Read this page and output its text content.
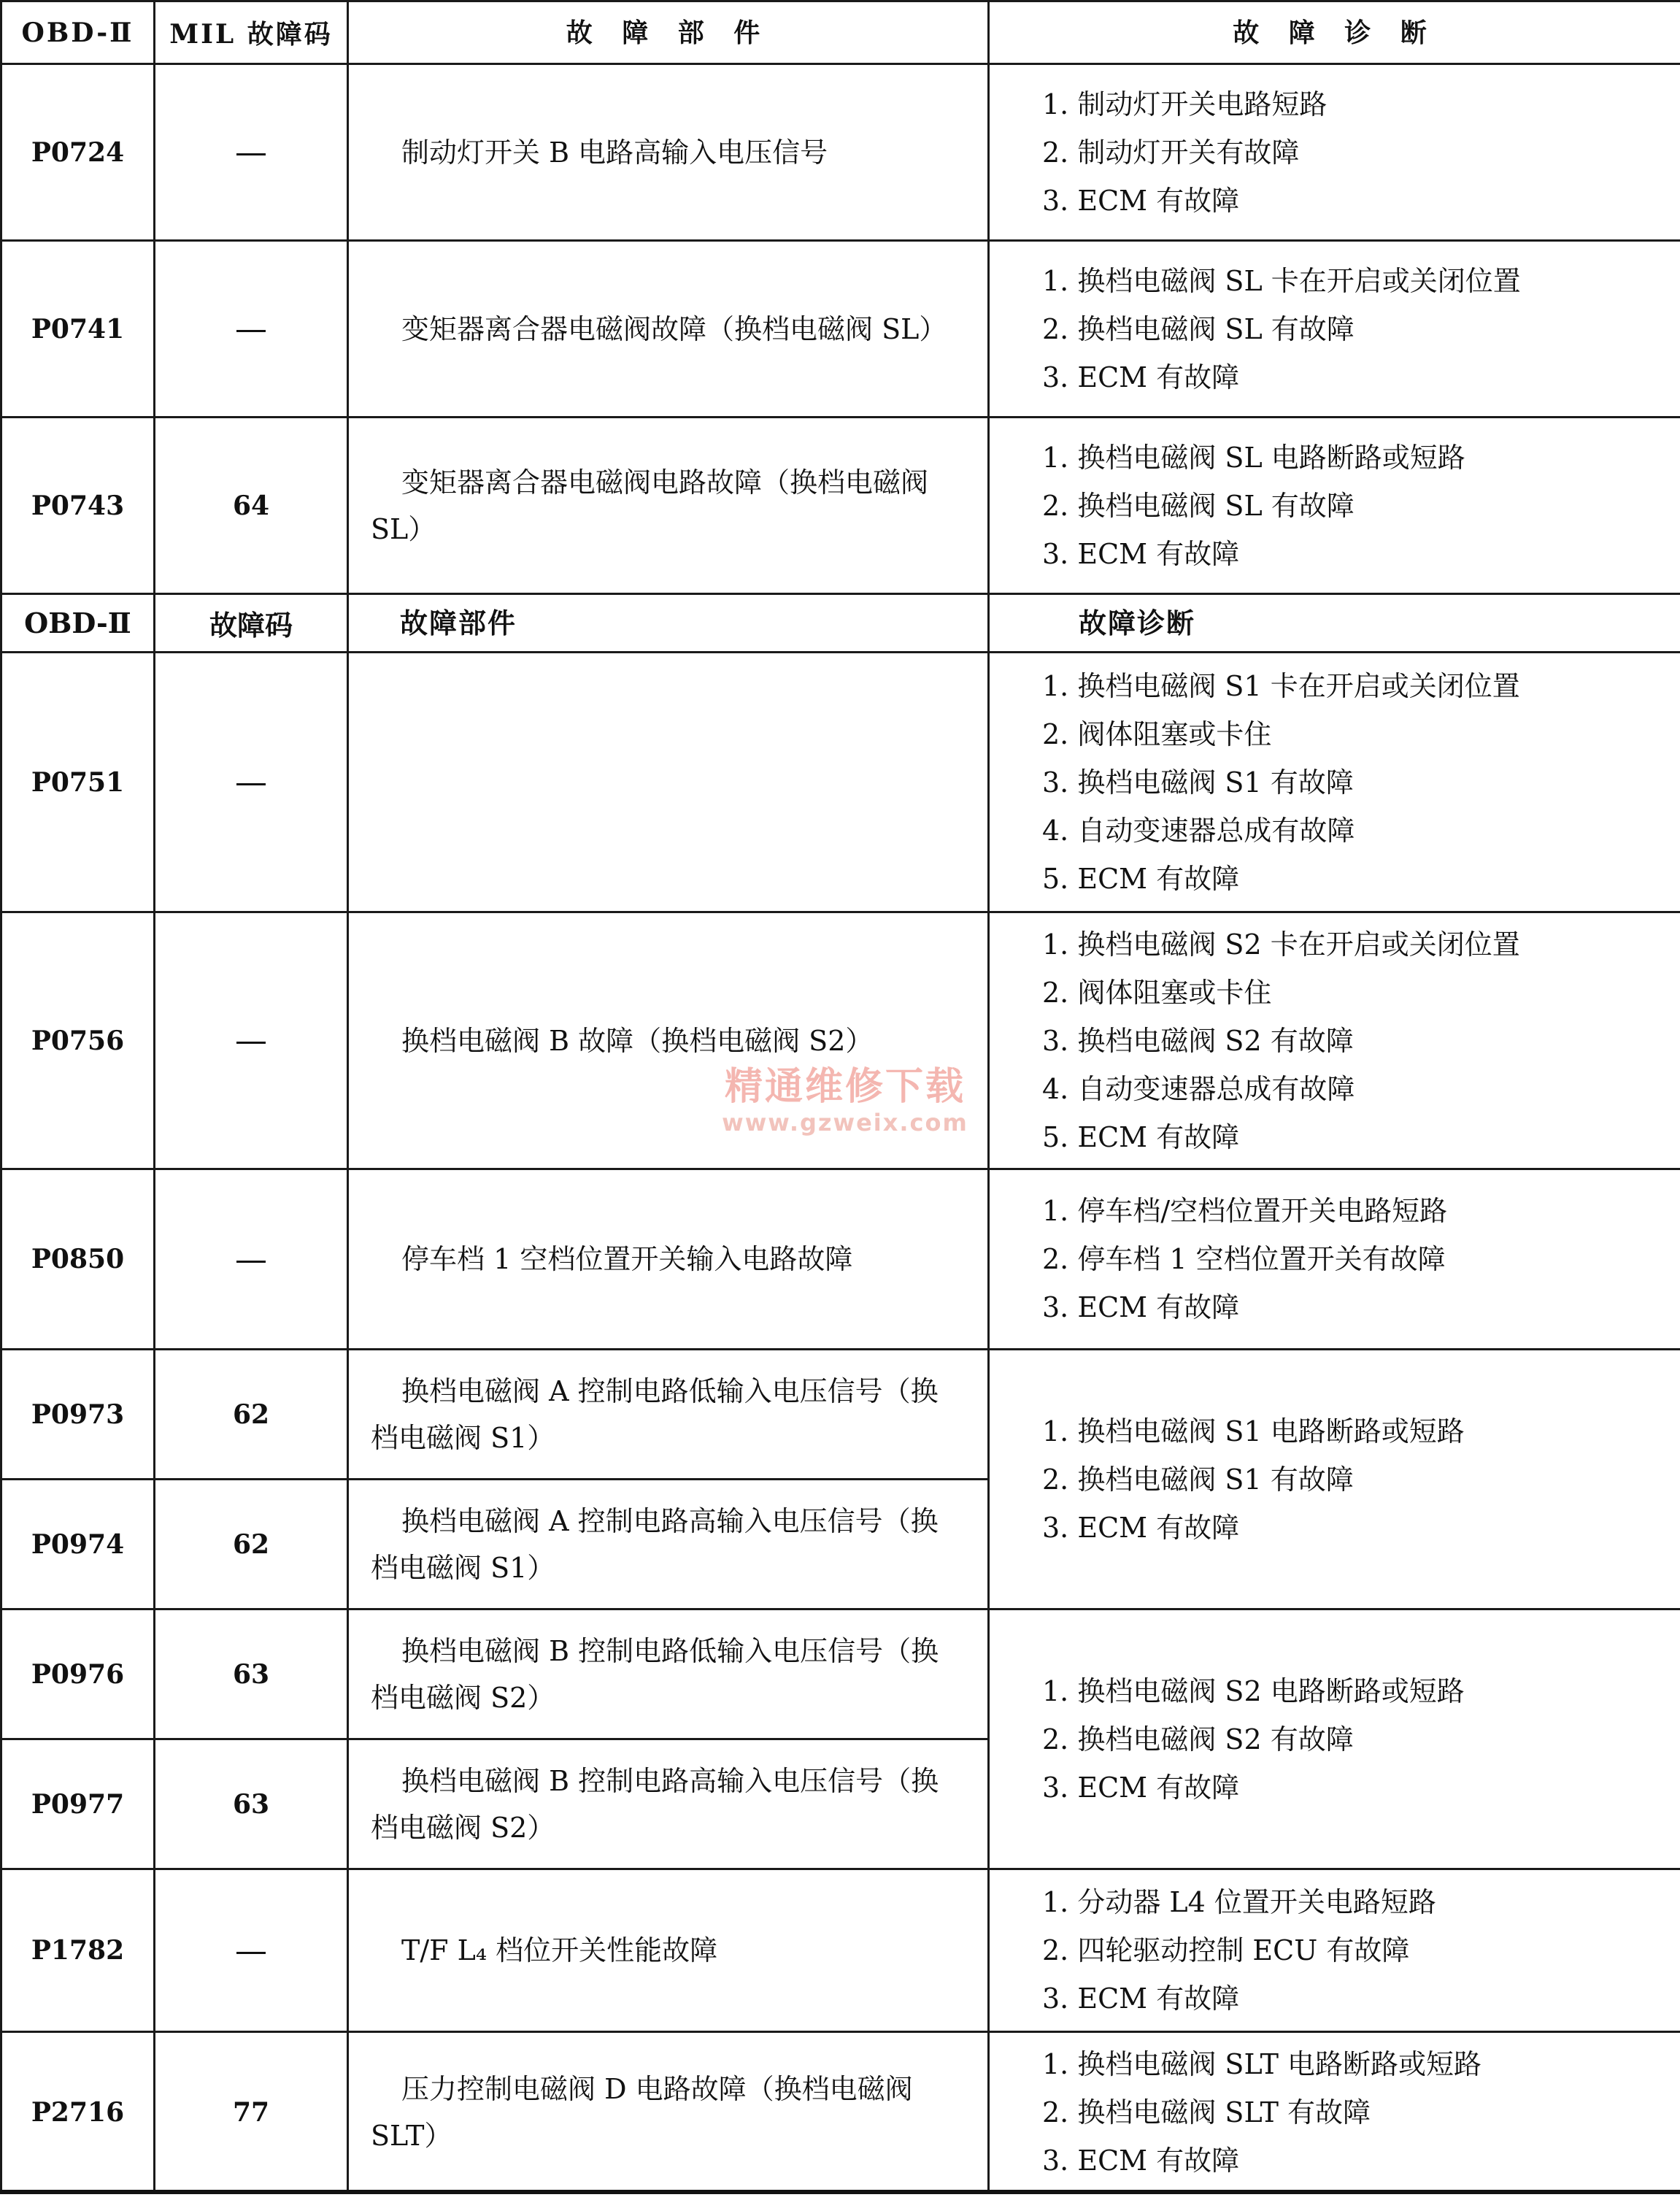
OBD-Ⅱ	MIL 故障码	故 障 部 件	故 障 诊 断
P0724		制动灯开关 B 电路高输入电压信号	1. 制动灯开关电路短路
2. 制动灯开关有故障
3. ECM 有故障

P0741		变矩器离合器电磁阀故障（换档电磁阀 SL）	1. 换档电磁阀 SL 卡在开启或关闭位置
2. 换档电磁阀 SL 有故障
3. ECM 有故障

P0743	64	变矩器离合器电磁阀电路故障（换档电磁阀 SL）	1. 换档电磁阀 SL 电路断路或短路
2. 换档电磁阀 SL 有故障
3. ECM 有故障

OBD-Ⅱ	故障码	故障部件	故障诊断
P0751			1. 换档电磁阀 S1 卡在开启或关闭位置
2. 阀体阻塞或卡住
3. 换档电磁阀 S1 有故障
4. 自动变速器总成有故障
5. ECM 有故障

P0756		换档电磁阀 B 故障（换档电磁阀 S2）	1. 换档电磁阀 S2 卡在开启或关闭位置
2. 阀体阻塞或卡住
3. 换档电磁阀 S2 有故障
4. 自动变速器总成有故障
5. ECM 有故障

P0850		停车档 1 空档位置开关输入电路故障	1. 停车档/空档位置开关电路短路
2. 停车档 1 空档位置开关有故障
3. ECM 有故障

P0973	62	换档电磁阀 A 控制电路低输入电压信号（换档电磁阀 S1）	1. 换档电磁阀 S1 电路断路或短路
2. 换档电磁阀 S1 有故障
3. ECM 有故障

P0974	62	换档电磁阀 A 控制电路高输入电压信号（换档电磁阀 S1）	
P0976	63	换档电磁阀 B 控制电路低输入电压信号（换档电磁阀 S2）	1. 换档电磁阀 S2 电路断路或短路
2. 换档电磁阀 S2 有故障
3. ECM 有故障

P0977	63	换档电磁阀 B 控制电路高输入电压信号（换档电磁阀 S2）	
P1782		T/F L₄ 档位开关性能故障	1. 分动器 L4 位置开关电路短路
2. 四轮驱动控制 ECU 有故障
3. ECM 有故障

P2716	77	压力控制电磁阀 D 电路故障（换档电磁阀 SLT）	1. 换档电磁阀 SLT 电路断路或短路
2. 换档电磁阀 SLT 有故障
3. ECM 有故障
精通维修下载
www.gzweix.com
